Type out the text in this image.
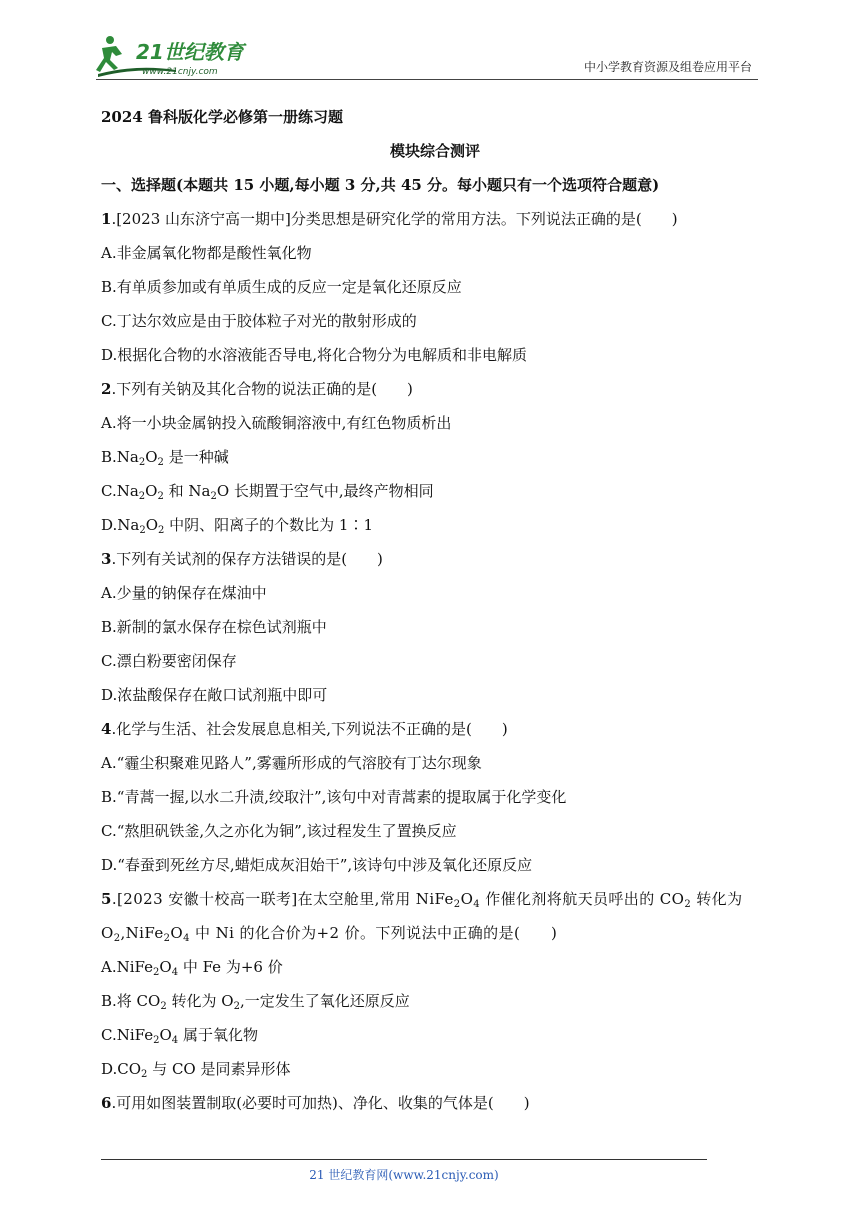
21世纪教育
www.21cnjy.com	中小学教育资源及组卷应用平台
2024 鲁科版化学必修第一册练习题
模块综合测评
一、选择题(本题共 15 小题,每小题 3 分,共 45 分。每小题只有一个选项符合题意)
1.[2023 山东济宁高一期中]分类思想是研究化学的常用方法。下列说法正确的是(　　)
A.非金属氧化物都是酸性氧化物
B.有单质参加或有单质生成的反应一定是氧化还原反应
C.丁达尔效应是由于胶体粒子对光的散射形成的
D.根据化合物的水溶液能否导电,将化合物分为电解质和非电解质
2.下列有关钠及其化合物的说法正确的是(　　)
A.将一小块金属钠投入硫酸铜溶液中,有红色物质析出
$B.Na_2O_2$ 是一种碱
$C.Na_2O_2$ 和 $Na_2O$ 长期置于空气中,最终产物相同
$D.Na_2O_2$ 中阴、阳离子的个数比为 1∶1
3.下列有关试剂的保存方法错误的是(　　)
A.少量的钠保存在煤油中
B.新制的氯水保存在棕色试剂瓶中
C.漂白粉要密闭保存
D.浓盐酸保存在敞口试剂瓶中即可
4.化学与生活、社会发展息息相关,下列说法不正确的是(　　)
A.“霾尘积聚难见路人”,雾霾所形成的气溶胶有丁达尔现象
B.“青蒿一握,以水二升渍,绞取汁”,该句中对青蒿素的提取属于化学变化
C.“熬胆矾铁釜,久之亦化为铜”,该过程发生了置换反应
D.“春蚕到死丝方尽,蜡炬成灰泪始干”,该诗句中涉及氧化还原反应
5.[2023 安徽十校高一联考]在太空舱里,常用 $NiFe_2O_4$ 作催化剂将航天员呼出的 $CO_2$ 转化为 $O_2,NiFe_2O_4$ 中 Ni 的化合价为+2 价。下列说法中正确的是(　　)
$A.NiFe_2O_4$ 中 Fe 为+6 价
B.将 $CO_2$ 转化为 $O_2$,一定发生了氧化还原反应
$C.NiFe_2O_4$ 属于氧化物
$D.CO_2$ 与 CO 是同素异形体
6.可用如图装置制取(必要时可加热)、净化、收集的气体是(　　)
21 世纪教育网(www.21cnjy.com)
